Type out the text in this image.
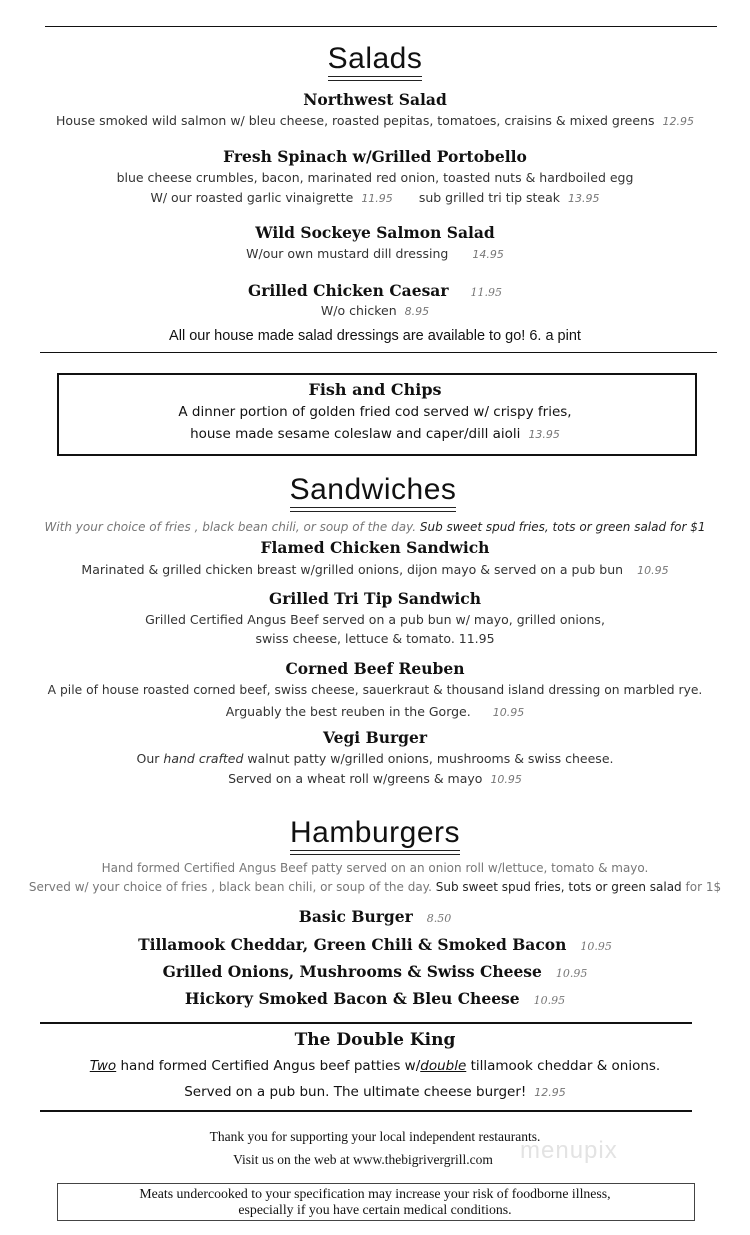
Salads
Northwest Salad
House smoked wild salmon w/ bleu cheese, roasted pepitas, tomatoes, craisins & mixed greens 12.95
Fresh Spinach w/Grilled Portobello
blue cheese crumbles, bacon, marinated red onion, toasted nuts & hardboiled egg
W/ our roasted garlic vinaigrette 11.95 sub grilled tri tip steak 13.95
Wild Sockeye Salmon Salad
W/our own mustard dill dressing 14.95
Grilled Chicken Caesar 11.95
W/o chicken 8.95
All our house made salad dressings are available to go! 6. a pint
Fish and Chips
A dinner portion of golden fried cod served w/ crispy fries,
house made sesame coleslaw and caper/dill aioli 13.95
Sandwiches
With your choice of fries , black bean chili, or soup of the day. Sub sweet spud fries, tots or green salad for $1
Flamed Chicken Sandwich
Marinated & grilled chicken breast w/grilled onions, dijon mayo & served on a pub bun 10.95
Grilled Tri Tip Sandwich
Grilled Certified Angus Beef served on a pub bun w/ mayo, grilled onions,
swiss cheese, lettuce & tomato. 11.95
Corned Beef Reuben
A pile of house roasted corned beef, swiss cheese, sauerkraut & thousand island dressing on marbled rye.
Arguably the best reuben in the Gorge. 10.95
Vegi Burger
Our hand crafted walnut patty w/grilled onions, mushrooms & swiss cheese.
Served on a wheat roll w/greens & mayo 10.95
Hamburgers
Hand formed Certified Angus Beef patty served on an onion roll w/lettuce, tomato & mayo.
Served w/ your choice of fries , black bean chili, or soup of the day. Sub sweet spud fries, tots or green salad for 1$
Basic Burger 8.50
Tillamook Cheddar, Green Chili & Smoked Bacon 10.95
Grilled Onions, Mushrooms & Swiss Cheese 10.95
Hickory Smoked Bacon & Bleu Cheese 10.95
The Double King
Two hand formed Certified Angus beef patties w/double tillamook cheddar & onions.
Served on a pub bun. The ultimate cheese burger! 12.95
Thank you for supporting your local independent restaurants.
Visit us on the web at www.thebigrivergrill.com	menupix
Meats undercooked to your specification may increase your risk of foodborne illness,
especially if you have certain medical conditions.
